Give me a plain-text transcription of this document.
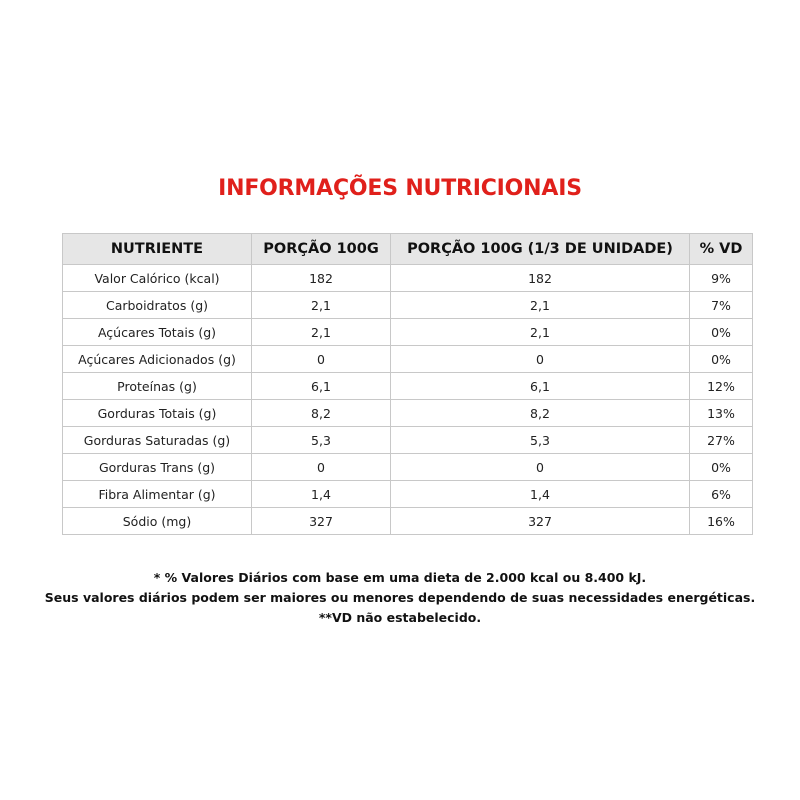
INFORMAÇÕES NUTRICIONAIS
NUTRIENTE	PORÇÃO 100G	PORÇÃO 100G (1/3 DE UNIDADE)	% VD
Valor Calórico (kcal)	182	182	9%
Carboidratos (g)	2,1	2,1	7%
Açúcares Totais (g)	2,1	2,1	0%
Açúcares Adicionados (g)	0	0	0%
Proteínas (g)	6,1	6,1	12%
Gorduras Totais (g)	8,2	8,2	13%
Gorduras Saturadas (g)	5,3	5,3	27%
Gorduras Trans (g)	0	0	0%
Fibra Alimentar (g)	1,4	1,4	6%
Sódio (mg)	327	327	16%
* % Valores Diários com base em uma dieta de 2.000 kcal ou 8.400 kJ.
Seus valores diários podem ser maiores ou menores dependendo de suas necessidades energéticas.
**VD não estabelecido.
